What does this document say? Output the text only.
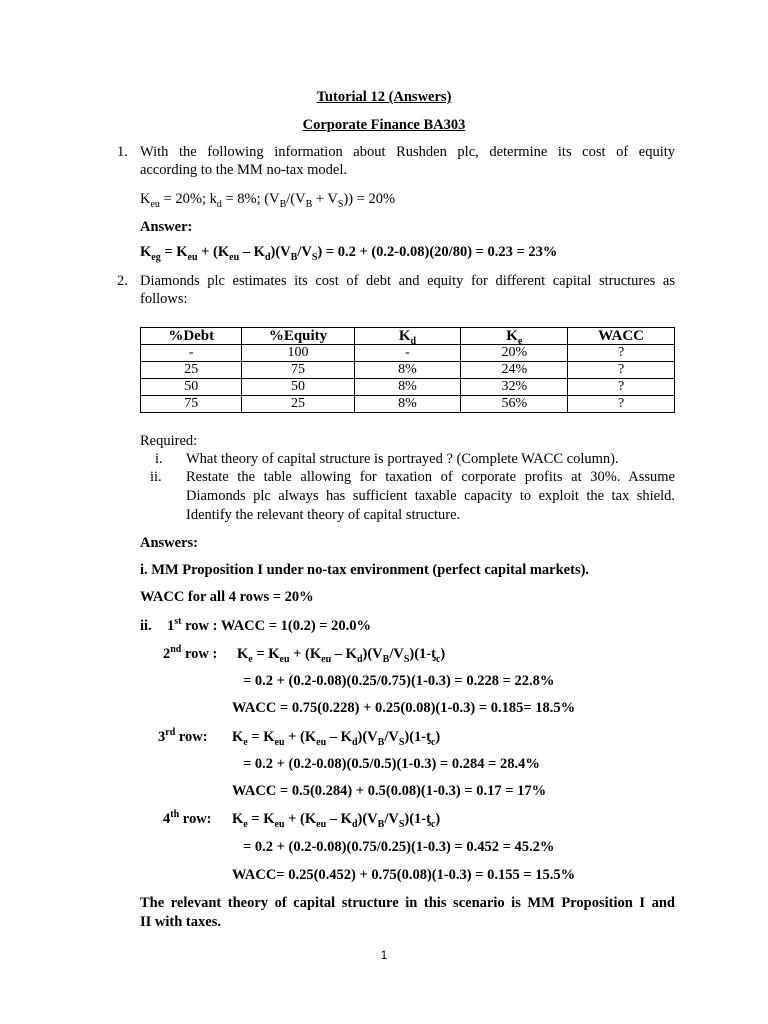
Tutorial 12 (Answers)
Corporate Finance BA303
1. With the following information about Rushden plc, determine its cost of equity
according to the MM no-tax model.
$K_{eu} = 20\%$; $k_d = 8\%$; $(V_B/(V_B + V_S)) = 20\%$
Answer:
$K_{eg} = K_{eu} + (K_{eu} - K_d)(V_B/V_S) = 0.2 + (0.2-0.08)(20/80) = 0.23 = 23\%$
2. Diamonds plc estimates its cost of debt and equity for different capital structures as
follows:
%Debt	%Equity	$K_d$	$K_e$	WACC
-	100	-	20%	?
25	75	8%	24%	?
50	50	8%	32%	?
75	25	8%	56%	?
Required:
i. What theory of capital structure is portrayed ? (Complete WACC column).
ii. Restate the table allowing for taxation of corporate profits at 30%. Assume
Diamonds plc always has sufficient taxable capacity to exploit the tax shield.
Identify the relevant theory of capital structure.
Answers:
i. MM Proposition I under no-tax environment (perfect capital markets).
WACC for all 4 rows = 20%
ii. 1st row : WACC = 1(0.2) = 20.0%
2nd row : $K_e = K_{eu} + (K_{eu}$ – $K_d)(V_B/V_S)(1-ƫ_c)$
= 0.2 + (0.2-0.08)(0.25/0.75)(1-0.3) = 0.228 = 22.8%
WACC = 0.75(0.228) + 0.25(0.08)(1-0.3) = 0.185= 18.5%
3rd row: $K_e = K_{eu} + (K_{eu}$ – $K_d)(V_B/V_S)(1-ƫ_c)$
= 0.2 + (0.2-0.08)(0.5/0.5)(1-0.3) = 0.284 = 28.4%
WACC = 0.5(0.284) + 0.5(0.08)(1-0.3) = 0.17 = 17%
4th row: $K_e = K_{eu} + (K_{eu}$ – $K_d)(V_B/V_S)(1-ƫ_c)$
= 0.2 + (0.2-0.08)(0.75/0.25)(1-0.3) = 0.452 = 45.2%
WACC= 0.25(0.452) + 0.75(0.08)(1-0.3) = 0.155 = 15.5%
The relevant theory of capital structure in this scenario is MM Proposition I and
II with taxes.
1
